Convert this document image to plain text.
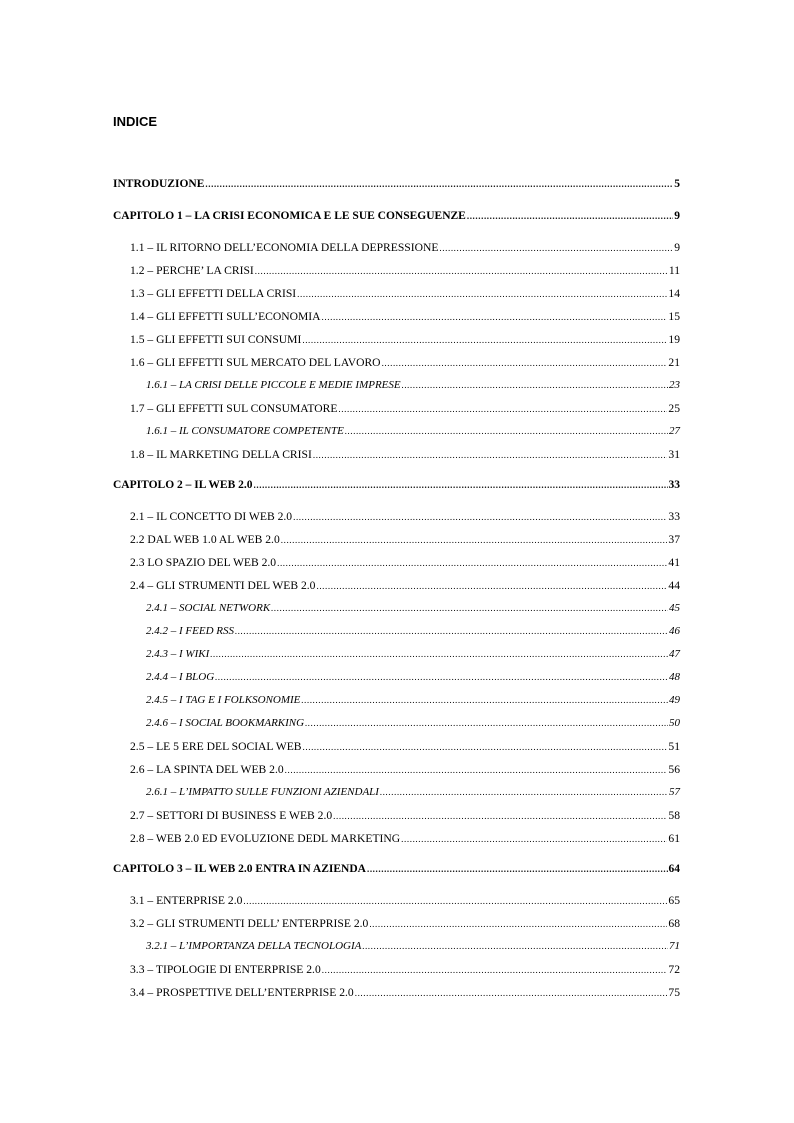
INDICE
INTRODUZIONE .....	5
CAPITOLO 1 – LA CRISI ECONOMICA E LE SUE CONSEGUENZE .....	9
1.1 – IL RITORNO DELL’ECONOMIA DELLA DEPRESSIONE .....	9
1.2 – PERCHE’ LA CRISI .....	11
1.3 – GLI EFFETTI DELLA CRISI .....	14
1.4 – GLI EFFETTI SULL’ECONOMIA .....	15
1.5 – GLI EFFETTI SUI CONSUMI .....	19
1.6 – GLI EFFETTI SUL MERCATO DEL LAVORO .....	21
1.6.1 – LA CRISI DELLE PICCOLE E MEDIE IMPRESE .....	23
1.7 – GLI EFFETTI SUL CONSUMATORE .....	25
1.6.1 – IL CONSUMATORE COMPETENTE .....	27
1.8 – IL MARKETING DELLA CRISI .....	31
CAPITOLO 2 – IL WEB 2.0 .....	33
2.1 – IL CONCETTO DI WEB 2.0 .....	33
2.2 DAL WEB 1.0 AL WEB 2.0 .....	37
2.3 LO SPAZIO DEL WEB 2.0 .....	41
2.4 – GLI STRUMENTI DEL WEB 2.0 .....	44
2.4.1 – SOCIAL NETWORK .....	45
2.4.2 – I FEED RSS .....	46
2.4.3 – I WIKI .....	47
2.4.4 – I BLOG .....	48
2.4.5 – I TAG E I FOLKSONOMIE .....	49
2.4.6 – I SOCIAL BOOKMARKING .....	50
2.5 – LE 5 ERE DEL SOCIAL WEB .....	51
2.6 – LA SPINTA DEL WEB 2.0 .....	56
2.6.1 – L’IMPATTO SULLE FUNZIONI AZIENDALI .....	57
2.7 – SETTORI DI BUSINESS E WEB 2.0 .....	58
2.8 – WEB 2.0 ED EVOLUZIONE DEDL MARKETING .....	61
CAPITOLO 3 – IL WEB 2.0 ENTRA IN AZIENDA .....	64
3.1 – ENTERPRISE 2.0 .....	65
3.2 – GLI STRUMENTI DELL’ ENTERPRISE 2.0 .....	68
3.2.1 – L’IMPORTANZA DELLA TECNOLOGIA .....	71
3.3 – TIPOLOGIE DI ENTERPRISE 2.0 .....	72
3.4 – PROSPETTIVE DELL’ENTERPRISE 2.0 .....	75
